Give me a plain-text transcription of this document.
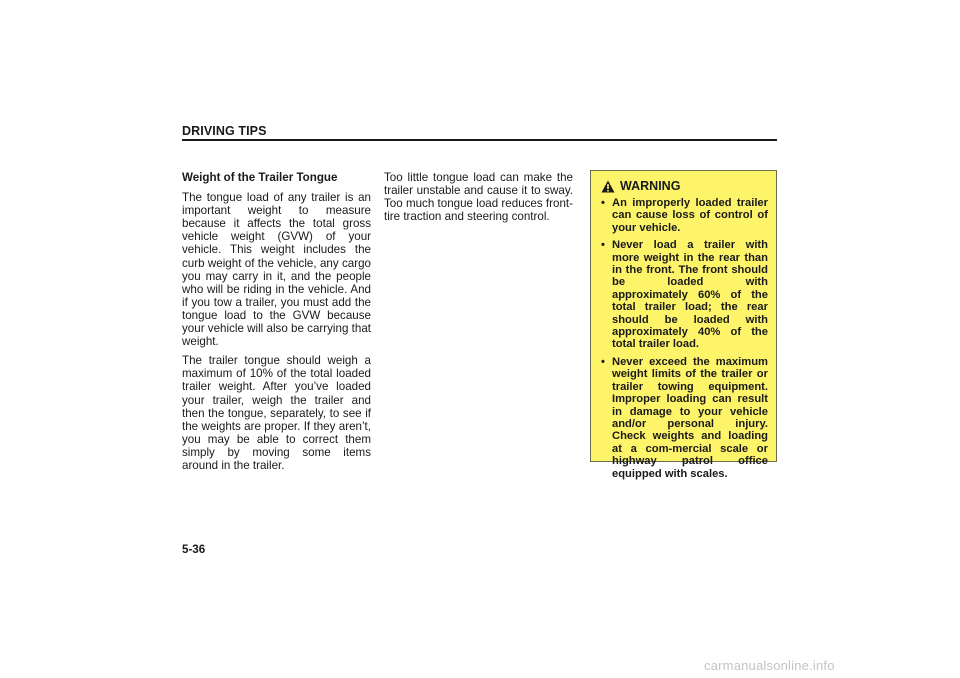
DRIVING TIPS
Weight of the Trailer Tongue

The tongue load of any trailer is an important weight to measure because it affects the total gross vehicle weight (GVW) of your vehicle. This weight includes the curb weight of the vehicle, any cargo you may carry in it, and the people who will be riding in the vehicle. And if you tow a trailer, you must add the tongue load to the GVW because your vehicle will also be carrying that weight.

The trailer tongue should weigh a maximum of 10% of the total loaded trailer weight. After you’ve loaded your trailer, weigh the trailer and then the tongue, separately, to see if the weights are proper. If they aren’t, you may be able to correct them simply by moving some items around in the trailer.

Too little tongue load can make the trailer unstable and cause it to sway. Too much tongue load reduces front-tire traction and steering control.

WARNING
• An improperly loaded trailer can cause loss of control of your vehicle.
• Never load a trailer with more weight in the rear than in the front. The front should be loaded with approximately 60% of the total trailer load; the rear should be loaded with approximately 40% of the total trailer load.
• Never exceed the maximum weight limits of the trailer or trailer towing equipment. Improper loading can result in damage to your vehicle and/or personal injury. Check weights and loading at a com-mercial scale or highway patrol office equipped with scales.
5-36
carmanualsonline.info
